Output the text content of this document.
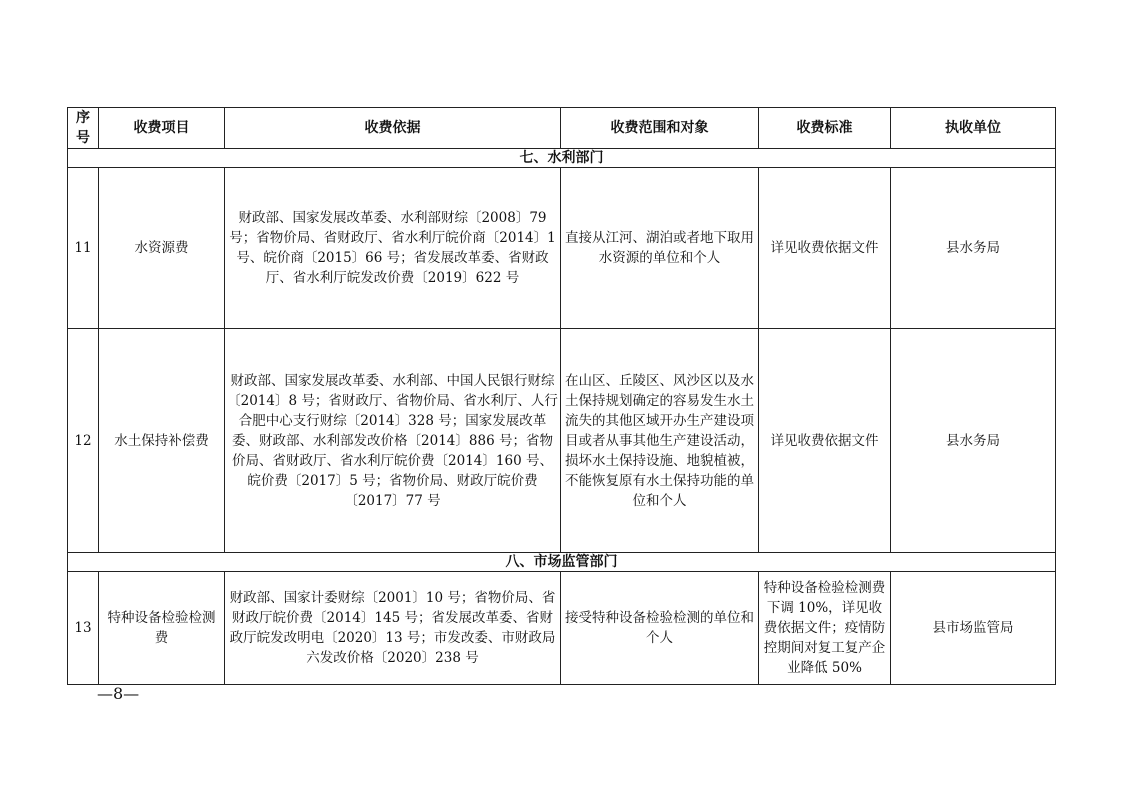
序号	收费项目	收费依据	收费范围和对象	收费标准	执收单位
七、水利部门					
11	水资源费	财政部、国家发展改革委、水利部财综〔2008〕79 号；省物价局、省财政厅、省水利厅皖价商〔2014〕1 号、皖价商〔2015〕66 号；省发展改革委、省财政厅、省水利厅皖发改价费〔2019〕622 号	直接从江河、湖泊或者地下取用水资源的单位和个人	详见收费依据文件	县水务局
12	水土保持补偿费	财政部、国家发展改革委、水利部、中国人民银行财综〔2014〕8 号；省财政厅、省物价局、省水利厅、人行合肥中心支行财综〔2014〕328 号；国家发展改革委、财政部、水利部发改价格〔2014〕886 号；省物价局、省财政厅、省水利厅皖价费〔2014〕160 号、皖价费〔2017〕5 号；省物价局、财政厅皖价费〔2017〕77 号	在山区、丘陵区、风沙区以及水土保持规划确定的容易发生水土流失的其他区域开办生产建设项目或者从事其他生产建设活动，损坏水土保持设施、地貌植被，不能恢复原有水土保持功能的单位和个人	详见收费依据文件	县水务局
八、市场监管部门					
13	特种设备检验检测费	财政部、国家计委财综〔2001〕10 号；省物价局、省财政厅皖价费〔2014〕145 号；省发展改革委、省财政厅皖发改明电〔2020〕13 号；市发改委、市财政局六发改价格〔2020〕238 号	接受特种设备检验检测的单位和个人	特种设备检验检测费下调 10%，详见收费依据文件；疫情防控期间对复工复产企业降低 50%	县市场监管局
—8—
